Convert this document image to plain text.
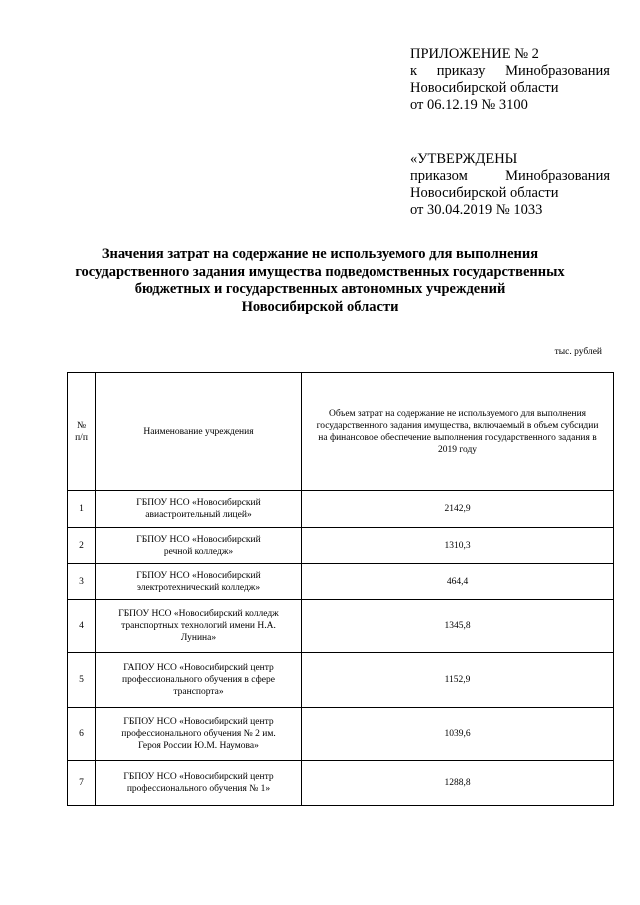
ПРИЛОЖЕНИЕ № 2
к приказу Минобразования
Новосибирской области
от 06.12.19 № 3100
«УТВЕРЖДЕНЫ
приказом	Минобразования
Новосибирской области
от 30.04.2019 № 1033
Значения затрат на содержание не используемого для выполнения
государственного задания имущества подведомственных государственных
бюджетных и государственных автономных учреждений
Новосибирской области
тыс. рублей
№ п/п	Наименование учреждения	Объем затрат на содержание не используемого для выполнения государственного задания имущества, включаемый в объем субсидии на финансовое обеспечение выполнения государственного задания в 2019 году
1	ГБПОУ НСО «Новосибирский авиастроительный лицей»	2142,9
2	ГБПОУ НСО «Новосибирский речной колледж»	1310,3
3	ГБПОУ НСО «Новосибирский электротехнический колледж»	464,4
4	ГБПОУ НСО «Новосибирский колледж транспортных технологий имени Н.А. Лунина»	1345,8
5	ГАПОУ НСО «Новосибирский центр профессионального обучения в сфере транспорта»	1152,9
6	ГБПОУ НСО «Новосибирский центр профессионального обучения № 2 им. Героя России Ю.М. Наумова»	1039,6
7	ГБПОУ НСО «Новосибирский центр профессионального обучения № 1»	1288,8
